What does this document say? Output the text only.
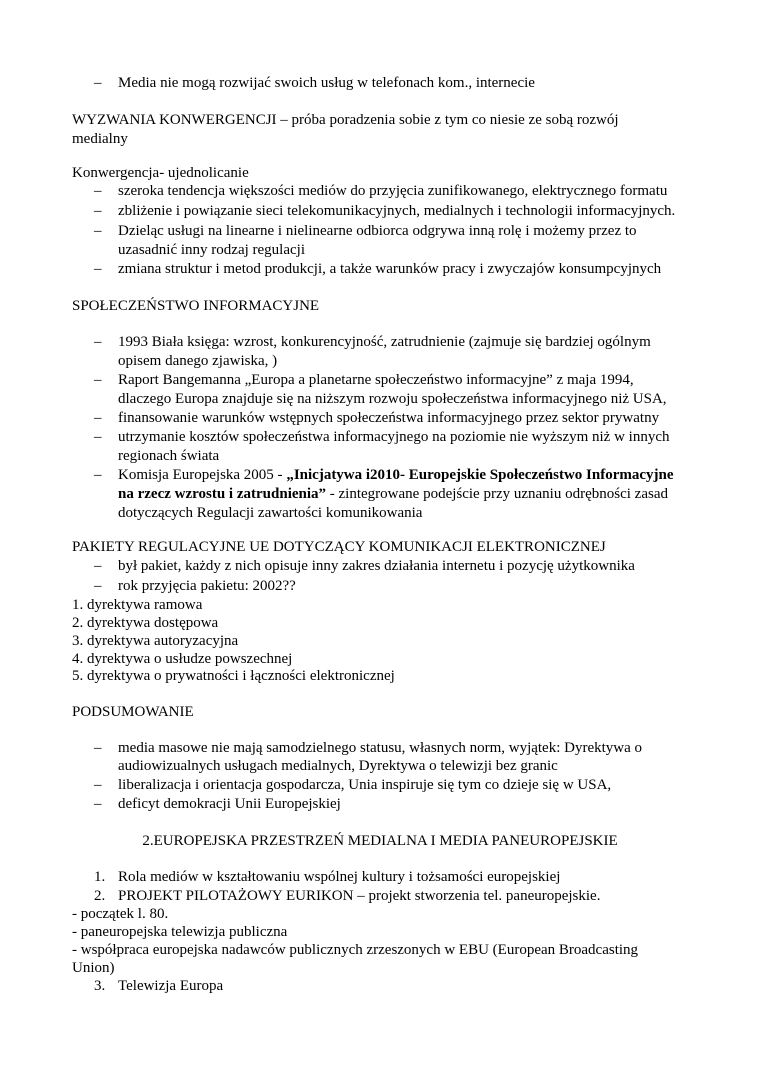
– Media nie mogą rozwijać swoich usług w telefonach kom., internecie
WYZWANIA KONWERGENCJI – próba poradzenia sobie z tym co niesie ze sobą rozwój
medialny
Konwergencja- ujednolicanie
– szeroka tendencja większości mediów do przyjęcia zunifikowanego, elektrycznego formatu
– zbliżenie i powiązanie sieci telekomunikacyjnych, medialnych i technologii informacyjnych.
– Dzieląc usługi na linearne i nielinearne odbiorca odgrywa inną rolę i możemy przez to
uzasadnić inny rodzaj regulacji
– zmiana struktur i metod produkcji, a także warunków pracy i zwyczajów konsumpcyjnych
SPOŁECZEŃSTWO INFORMACYJNE
– 1993 Biała księga: wzrost, konkurencyjność, zatrudnienie (zajmuje się bardziej ogólnym
opisem danego zjawiska, )
– Raport Bangemanna „Europa a planetarne społeczeństwo informacyjne” z maja 1994,
dlaczego Europa znajduje się na niższym rozwoju społeczeństwa informacyjnego niż USA,
– finansowanie warunków wstępnych społeczeństwa informacyjnego przez sektor prywatny
– utrzymanie kosztów społeczeństwa informacyjnego na poziomie nie wyższym niż w innych
regionach świata
– Komisja Europejska 2005 - „Inicjatywa i2010- Europejskie Społeczeństwo Informacyjne
na rzecz wzrostu i zatrudnienia” - zintegrowane podejście przy uznaniu odrębności zasad
dotyczących Regulacji zawartości komunikowania
PAKIETY REGULACYJNE UE DOTYCZĄCY KOMUNIKACJI ELEKTRONICZNEJ
– był pakiet, każdy z nich opisuje inny zakres działania internetu i pozycję użytkownika
– rok przyjęcia pakietu: 2002??
1. dyrektywa ramowa
2. dyrektywa dostępowa
3. dyrektywa autoryzacyjna
4. dyrektywa o usłudze powszechnej
5. dyrektywa o prywatności i łączności elektronicznej
PODSUMOWANIE
– media masowe nie mają samodzielnego statusu, własnych norm, wyjątek: Dyrektywa o
audiowizualnych usługach medialnych, Dyrektywa o telewizji bez granic
– liberalizacja i orientacja gospodarcza, Unia inspiruje się tym co dzieje się w USA,
– deficyt demokracji Unii Europejskiej
2.EUROPEJSKA PRZESTRZEŃ MEDIALNA I MEDIA PANEUROPEJSKIE
1. Rola mediów w kształtowaniu wspólnej kultury i tożsamości europejskiej
2. PROJEKT PILOTAŻOWY EURIKON – projekt stworzenia tel. paneuropejskie.
- początek l. 80.
- paneuropejska telewizja publiczna
- współpraca europejska nadawców publicznych zrzeszonych w EBU (European Broadcasting
Union)
3. Telewizja Europa
